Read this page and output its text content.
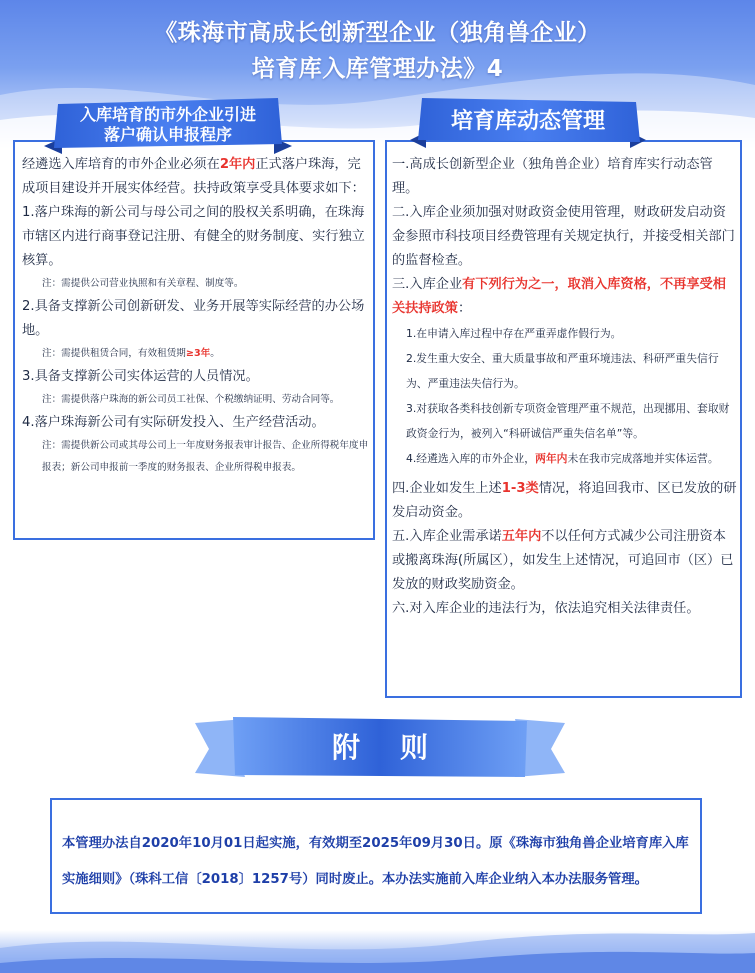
《珠海市高成长创新型企业（独角兽企业）
培育库入库管理办法》4
入库培育的市外企业引进
落户确认申报程序
经遴选入库培育的市外企业必须在2年内正式落户珠海，完成项目建设并开展实体经营。扶持政策享受具体要求如下：
1.落户珠海的新公司与母公司之间的股权关系明确，在珠海市辖区内进行商事登记注册、有健全的财务制度、实行独立核算。
注：需提供公司营业执照和有关章程、制度等。
2.具备支撑新公司创新研发、业务开展等实际经营的办公场地。
注：需提供租赁合同，有效租赁期≥3年。
3.具备支撑新公司实体运营的人员情况。
注：需提供落户珠海的新公司员工社保、个税缴纳证明、劳动合同等。
4.落户珠海新公司有实际研发投入、生产经营活动。
注：需提供新公司或其母公司上一年度财务报表审计报告、企业所得税年度申报表；新公司申报前一季度的财务报表、企业所得税申报表。
培育库动态管理
一.高成长创新型企业（独角兽企业）培育库实行动态管理。
二.入库企业须加强对财政资金使用管理，财政研发启动资金参照市科技项目经费管理有关规定执行，并接受相关部门的监督检查。
三.入库企业有下列行为之一，取消入库资格，不再享受相关扶持政策：
1.在申请入库过程中存在严重弄虚作假行为。
2.发生重大安全、重大质量事故和严重环境违法、科研严重失信行为、严重违法失信行为。
3.对获取各类科技创新专项资金管理严重不规范，出现挪用、套取财政资金行为，被列入“科研诚信严重失信名单”等。
4.经遴选入库的市外企业，两年内未在我市完成落地并实体运营。
四.企业如发生上述1-3类情况，将追回我市、区已发放的研发启动资金。
五.入库企业需承诺五年内不以任何方式减少公司注册资本或搬离珠海(所属区），如发生上述情况，可追回市（区）已发放的财政奖励资金。
六.对入库企业的违法行为，依法追究相关法律责任。
附则
本管理办法自2020年10月01日起实施，有效期至2025年09月30日。原《珠海市独角兽企业培育库入库实施细则》（珠科工信〔2018〕1257号）同时废止。本办法实施前入库企业纳入本办法服务管理。
